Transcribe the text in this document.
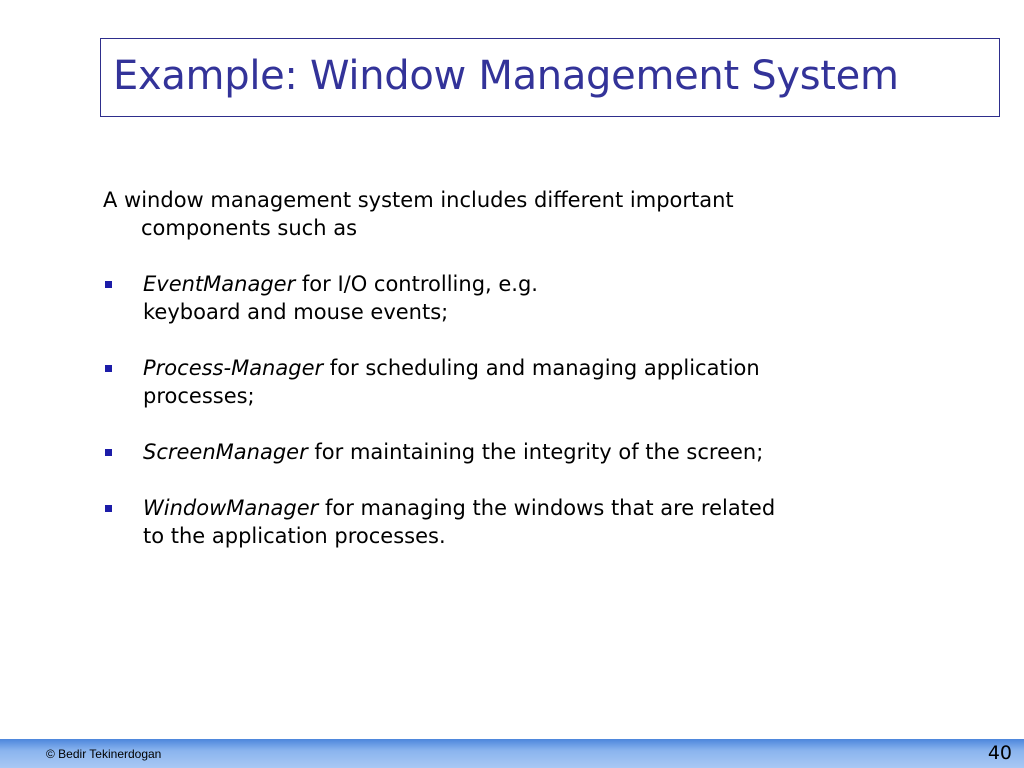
Example: Window Management System

A window management system includes different important
components such as

EventManager for I/O controlling, e.g.
keyboard and mouse events;
Process-Manager for scheduling and managing application
processes;
ScreenManager for maintaining the integrity of the screen;
WindowManager for managing the windows that are related
to the application processes.
© Bedir Tekinerdogan	40
